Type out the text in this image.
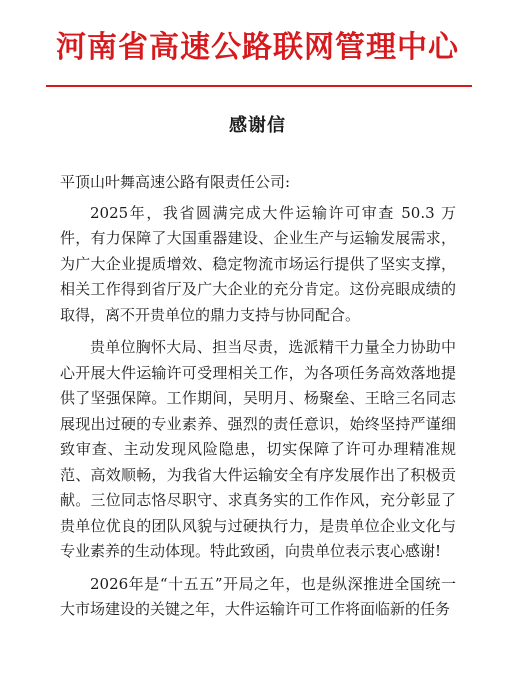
河南省高速公路联网管理中心
感谢信

平顶山叶舞高速公路有限责任公司:

2025年，我省圆满完成大件运输许可审查 50.3 万件，有力保障了大国重器建设、企业生产与运输发展需求，为广大企业提质增效、稳定物流市场运行提供了坚实支撑，相关工作得到省厅及广大企业的充分肯定。这份亮眼成绩的取得，离不开贵单位的鼎力支持与协同配合。

贵单位胸怀大局、担当尽责，选派精干力量全力协助中心开展大件运输许可受理相关工作，为各项任务高效落地提供了坚强保障。工作期间，吴明月、杨聚垒、王晗三名同志展现出过硬的专业素养、强烈的责任意识，始终坚持严谨细致审查、主动发现风险隐患，切实保障了许可办理精准规范、高效顺畅，为我省大件运输安全有序发展作出了积极贡献。三位同志恪尽职守、求真务实的工作作风，充分彰显了贵单位优良的团队风貌与过硬执行力，是贵单位企业文化与专业素养的生动体现。特此致函，向贵单位表示衷心感谢!

2026年是“十五五”开局之年，也是纵深推进全国统一大市场建设的关键之年，大件运输许可工作将面临新的任务
